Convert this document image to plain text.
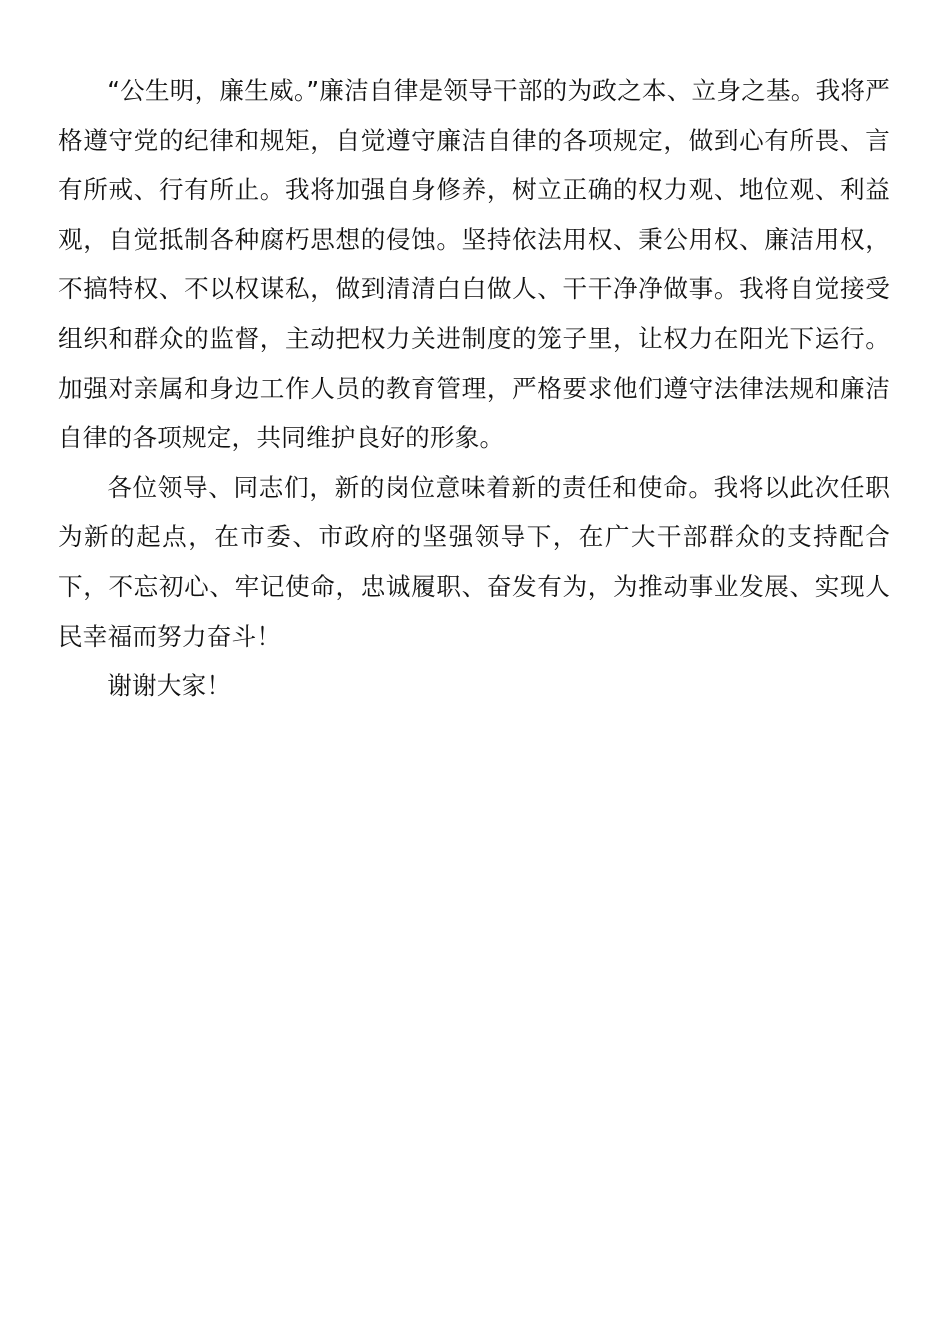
“公生明，廉生威。”廉洁自律是领导干部的为政之本、立身之基。我将严格遵守党的纪律和规矩，自觉遵守廉洁自律的各项规定，做到心有所畏、言有所戒、行有所止。我将加强自身修养，树立正确的权力观、地位观、利益观，自觉抵制各种腐朽思想的侵蚀。坚持依法用权、秉公用权、廉洁用权，不搞特权、不以权谋私，做到清清白白做人、干干净净做事。我将自觉接受组织和群众的监督，主动把权力关进制度的笼子里，让权力在阳光下运行。加强对亲属和身边工作人员的教育管理，严格要求他们遵守法律法规和廉洁自律的各项规定，共同维护良好的形象。

各位领导、同志们，新的岗位意味着新的责任和使命。我将以此次任职为新的起点，在市委、市政府的坚强领导下，在广大干部群众的支持配合下，不忘初心、牢记使命，忠诚履职、奋发有为，为推动事业发展、实现人民幸福而努力奋斗！

谢谢大家！
